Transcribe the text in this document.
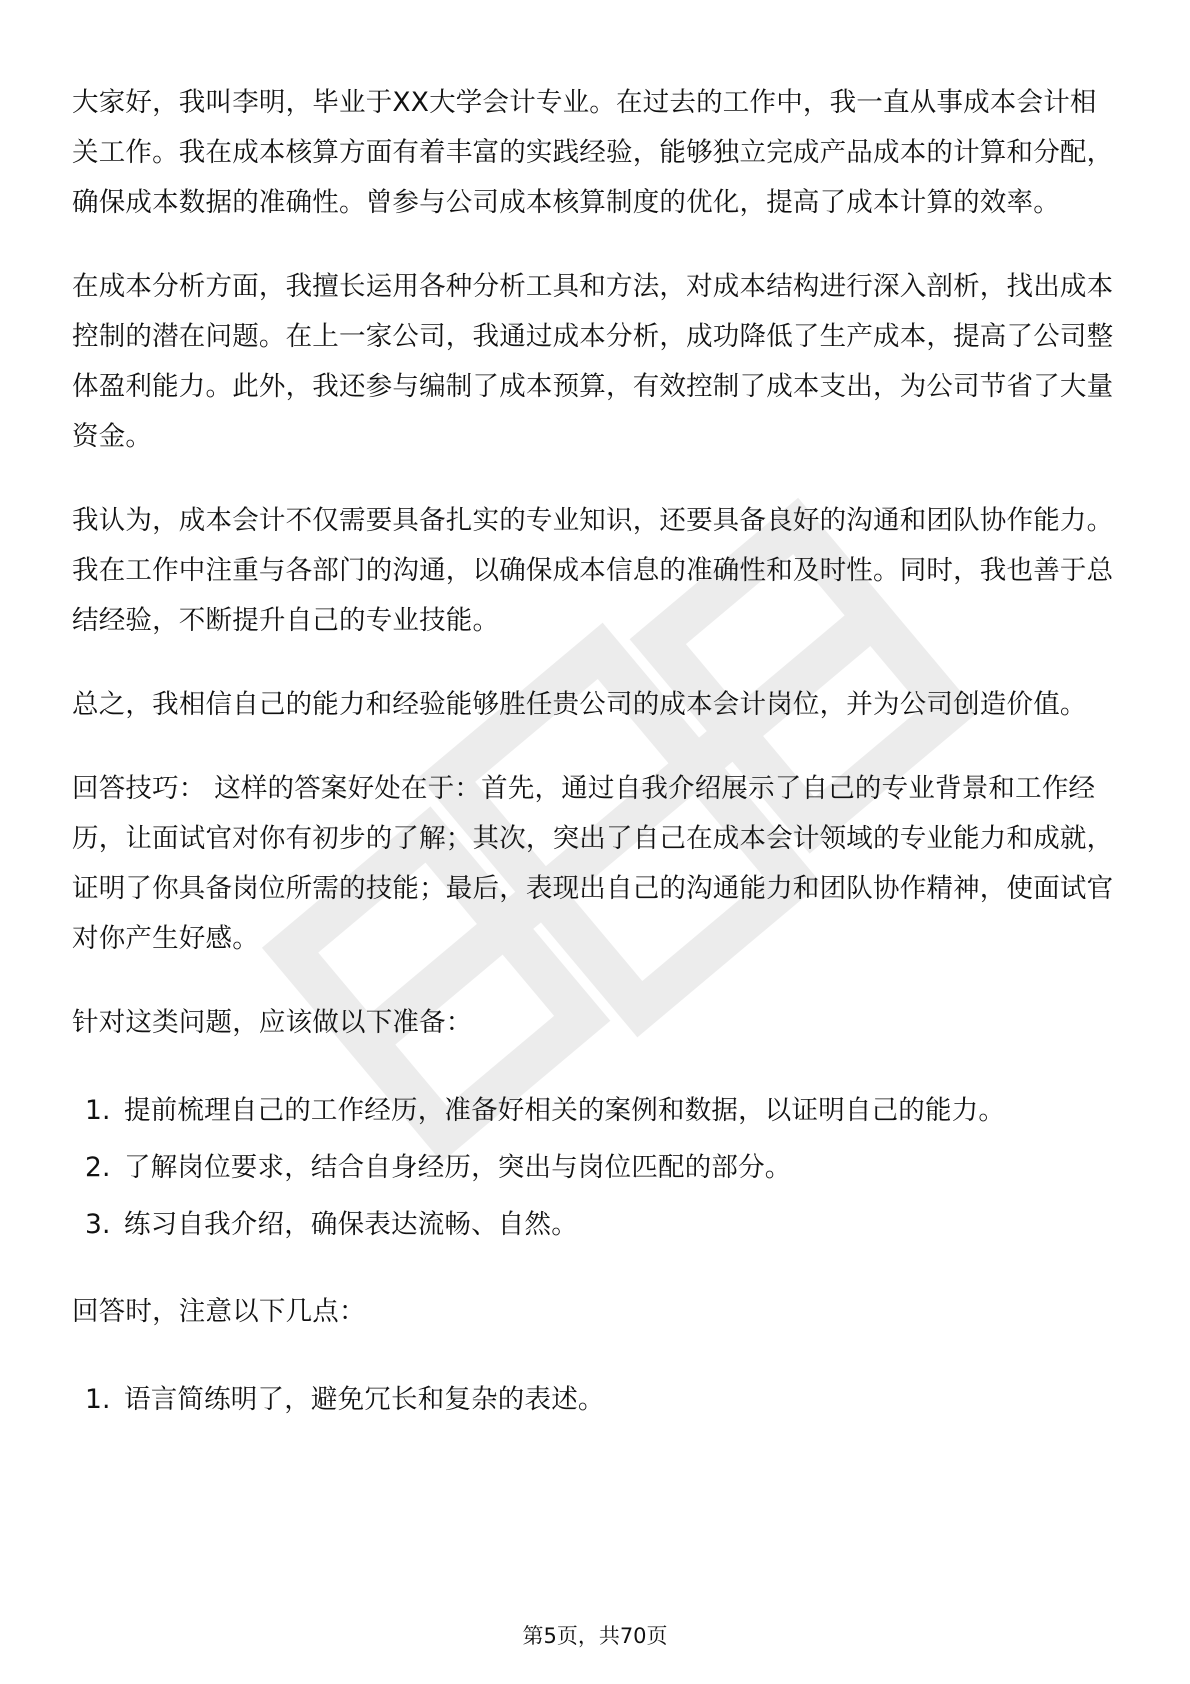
大家好，我叫李明，毕业于XX大学会计专业。在过去的工作中，我一直从事成本会计相关工作。我在成本核算方面有着丰富的实践经验，能够独立完成产品成本的计算和分配，确保成本数据的准确性。曾参与公司成本核算制度的优化，提高了成本计算的效率。

在成本分析方面，我擅长运用各种分析工具和方法，对成本结构进行深入剖析，找出成本控制的潜在问题。在上一家公司，我通过成本分析，成功降低了生产成本，提高了公司整体盈利能力。此外，我还参与编制了成本预算，有效控制了成本支出，为公司节省了大量资金。

我认为，成本会计不仅需要具备扎实的专业知识，还要具备良好的沟通和团队协作能力。我在工作中注重与各部门的沟通，以确保成本信息的准确性和及时性。同时，我也善于总结经验，不断提升自己的专业技能。

总之，我相信自己的能力和经验能够胜任贵公司的成本会计岗位，并为公司创造价值。

回答技巧： 这样的答案好处在于：首先，通过自我介绍展示了自己的专业背景和工作经历，让面试官对你有初步的了解；其次，突出了自己在成本会计领域的专业能力和成就，证明了你具备岗位所需的技能；最后，表现出自己的沟通能力和团队协作精神，使面试官对你产生好感。

针对这类问题，应该做以下准备：

1. 提前梳理自己的工作经历，准备好相关的案例和数据，以证明自己的能力。
2. 了解岗位要求，结合自身经历，突出与岗位匹配的部分。
3. 练习自我介绍，确保表达流畅、自然。

回答时，注意以下几点：

1. 语言简练明了，避免冗长和复杂的表述。
第5页，共70页
